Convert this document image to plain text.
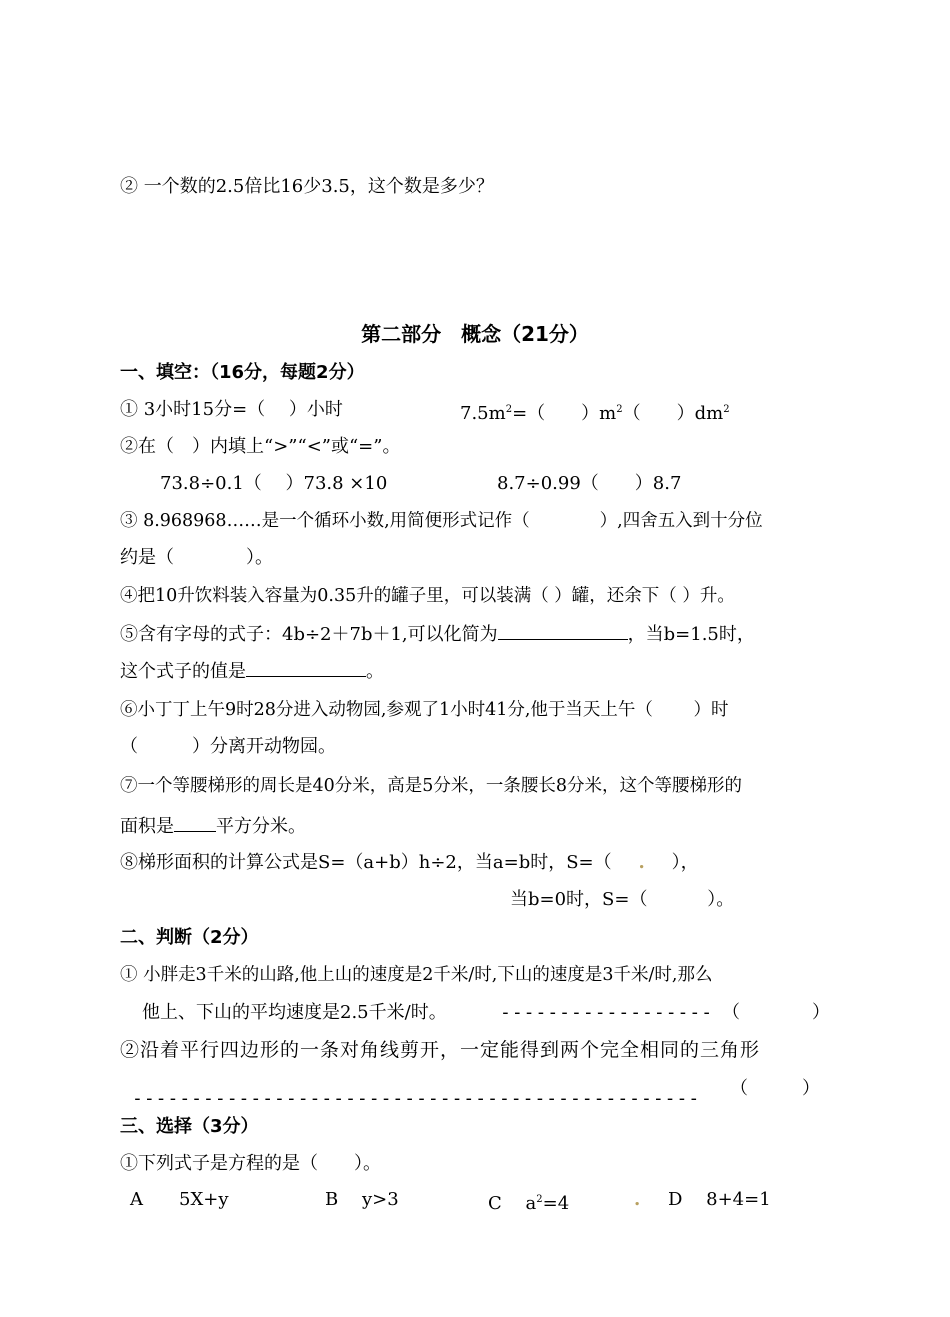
② 一个数的2.5倍比16少3.5，这个数是多少？
第二部分　概念（21分）
一、填空：（16分，每题2分）
① 3小时15分=（　 ）小时	$7.5m^2=$（　　）$m^2$（　　）$dm^2$
②在（　）内填上“>”“<”或“=”。
73.8÷0.1（　 ）73.8 ×10	8.7÷0.99（　　）8.7
③ 8.968968……是一个循环小数,用简便形式记作（　　　　）,四舍五入到十分位
约是（　　　　）。
④把10升饮料装入容量为0.35升的罐子里，可以装满（ ）罐，还余下（ ）升。
⑤含有字母的式子：4b÷2＋7b＋1,可以化简为	，当b=1.5时，
这个式子的值是	。
⑥小丁丁上午9时28分进入动物园,参观了1小时41分,他于当天上午（　　 ）时
（　　　）分离开动物园。
⑦一个等腰梯形的周长是40分米，高是5分米，一条腰长8分米，这个等腰梯形的
面积是 平方分米。
⑧梯形面积的计算公式是S=（a+b）h÷2，当a=b时，S=（ . ），
当b=0时，S=（　　　 ）。
二、判断（2分）
① 小胖走3千米的山路,他上山的速度是2千米/时,下山的速度是3千米/时,那么
他上、下山的平均速度是2.5千米/时。	------------------ （　　　　）
②沿着平行四边形的一条对角线剪开，一定能得到两个完全相同的三角形
（　　　）
------------------------------------------------
三、选择（3分）
①下列式子是方程的是（　　）。
A　　5X+y	B　 y>3	C　 $a^2=4$	. D　 8+4=1
